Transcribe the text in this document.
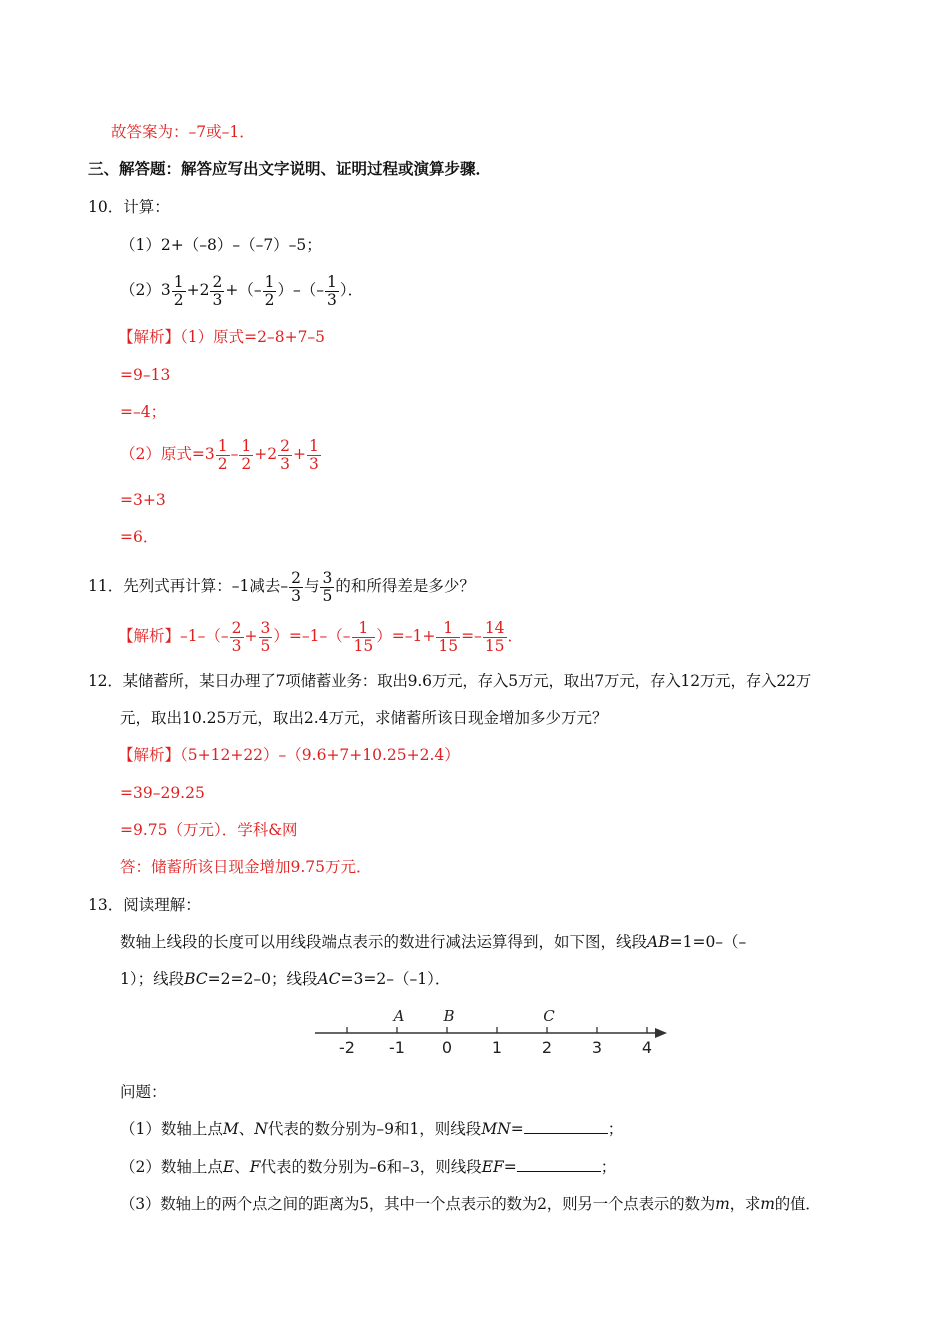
故答案为：–7或–1．
三、解答题：解答应写出文字说明、证明过程或演算步骤．
10．计算：
（1）2+（–8）–（–7）–5；
$(2)3 \frac{1}{2} +2 \frac{2}{3}$ +（– $\frac{1}{2}$ ）–（– $\frac{1}{3}$ ）．
【解析】（1）原式=2–8+7–5
=9–13
=–4；
（2）原式$=3 \frac{1}{2} - \frac{1}{2} +2 \frac{2}{3} + \frac{1}{3}$
=3+3
=6．
11．先列式再计算：–1减去– $\frac{2}{3}$ 与 $\frac{3}{5}$ 的和所得差是多少？
【解析】$-1-(- \frac{2}{3} + \frac{3}{5} )=-1-(- \frac{1}{15} )=-1+ \frac{1}{15} =- \frac{14}{15}$ ．
12．某储蓄所，某日办理了7项储蓄业务：取出9.6万元，存入5万元，取出7万元，存入12万元，存入22万
元，取出10.25万元，取出2.4万元，求储蓄所该日现金增加多少万元？
【解析】（5+12+22）–（9.6+7+10.25+2.4）
=39–29.25
=9.75（万元）．学科&网
答：储蓄所该日现金增加9.75万元．
13．阅读理解：
数轴上线段的长度可以用线段端点表示的数进行减法运算得到，如下图，线段AB=1=0–（–
1）；线段BC=2=2–0；线段AC=3=2–（–1）．
-2 -1 0 1 2 3 4
A	B	C
问题：
（1）数轴上点M、N代表的数分别为–9和1，则线段MN=	；
（2）数轴上点E、F代表的数分别为–6和–3，则线段EF=	；
（3）数轴上的两个点之间的距离为5，其中一个点表示的数为2，则另一个点表示的数为m，求m的值．
